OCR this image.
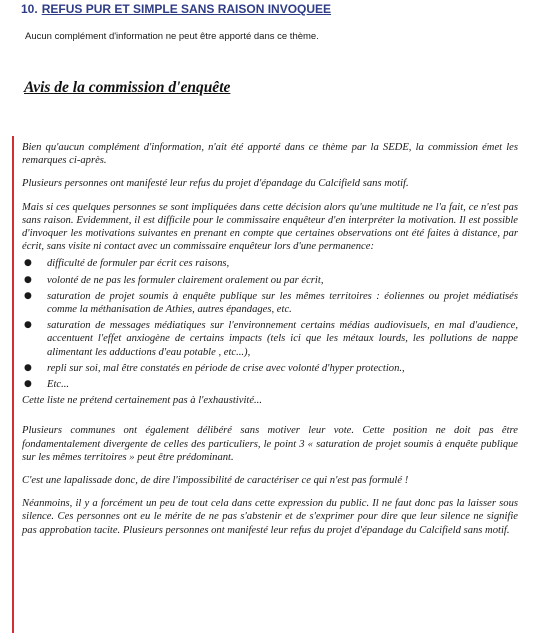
10. REFUS PUR ET SIMPLE SANS RAISON INVOQUEE
Aucun complément d'information ne peut être apporté dans ce thème.
Avis de la commission d'enquête

Bien qu'aucun complément d'information, n'ait été apporté dans ce thème par la SEDE, la commission émet les remarques ci-après.

Plusieurs personnes ont manifesté leur refus du projet d'épandage du Calcifield sans motif.

Mais si ces quelques personnes se sont impliquées dans cette décision alors qu'une multitude ne l'a fait, ce n'est pas sans raison. Evidemment, il est difficile pour le commissaire enquêteur d'en interpréter la motivation. Il est possible d'invoquer les motivations suivantes en prenant en compte que certaines observations ont été faites à distance, par écrit, sans visite ni contact avec un commissaire enquêteur lors d'une permanence:

● difficulté de formuler par écrit ces raisons,
● volonté de ne pas les formuler clairement oralement ou par écrit,
● saturation de projet soumis à enquête publique sur les mêmes territoires : éoliennes ou projet médiatisés comme la méthanisation de Athies, autres épandages, etc.
● saturation de messages médiatiques sur l'environnement certains médias audiovisuels, en mal d'audience, accentuent l'effet anxiogène de certains impacts (tels ici que les métaux lourds, les pollutions de nappe alimentant les adductions d'eau potable , etc...),
● repli sur soi, mal être constatés en période de crise avec volonté d'hyper protection.,
● Etc...

Cette liste ne prétend certainement pas à l'exhaustivité...

Plusieurs communes ont également délibéré sans motiver leur vote. Cette position ne doit pas être fondamentalement divergente de celles des particuliers, le point 3 « saturation de projet soumis à enquête publique sur les mêmes territoires » peut être prédominant.

C'est une lapalissade donc, de dire l'impossibilité de caractériser ce qui n'est pas formulé !

Néanmoins, il y a forcément un peu de tout cela dans cette expression du public. Il ne faut donc pas la laisser sous silence. Ces personnes ont eu le mérite de ne pas s'abstenir et de s'exprimer pour dire que leur silence ne signifie pas approbation tacite. Plusieurs personnes ont manifesté leur refus du projet d'épandage du Calcifield sans motif.
